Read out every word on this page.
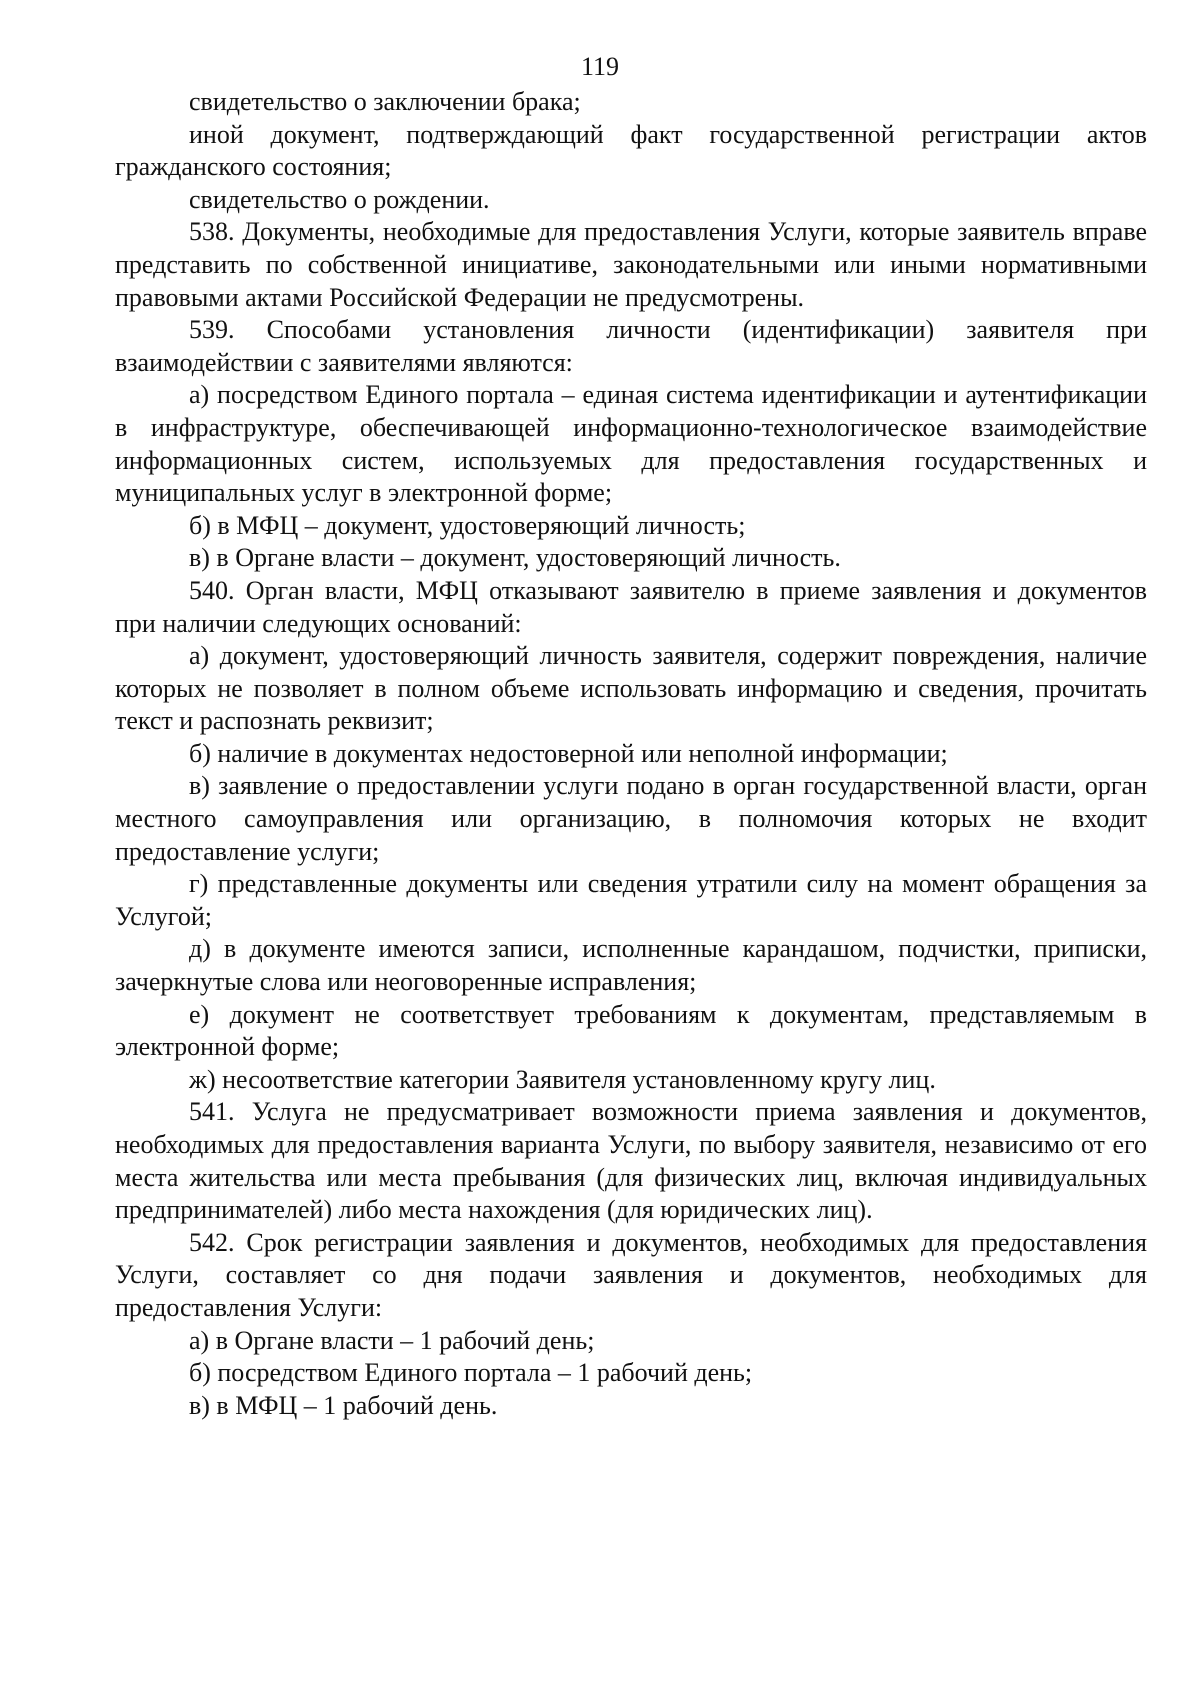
119

свидетельство о заключении брака;

иной документ, подтверждающий факт государственной регистрации актов гражданского состояния;

свидетельство о рождении.

538. Документы, необходимые для предоставления Услуги, которые заявитель вправе представить по собственной инициативе, законодательными или иными нормативными правовыми актами Российской Федерации не предусмотрены.

539. Способами установления личности (идентификации) заявителя при взаимодействии с заявителями являются:

а) посредством Единого портала – единая система идентификации и аутентификации в инфраструктуре, обеспечивающей информационно-технологическое взаимодействие информационных систем, используемых для предоставления государственных и муниципальных услуг в электронной форме;

б) в МФЦ – документ, удостоверяющий личность;

в) в Органе власти – документ, удостоверяющий личность.

540. Орган власти, МФЦ отказывают заявителю в приеме заявления и документов при наличии следующих оснований:

а) документ, удостоверяющий личность заявителя, содержит повреждения, наличие которых не позволяет в полном объеме использовать информацию и сведения, прочитать текст и распознать реквизит;

б) наличие в документах недостоверной или неполной информации;

в) заявление о предоставлении услуги подано в орган государственной власти, орган местного самоуправления или организацию, в полномочия которых не входит предоставление услуги;

г) представленные документы или сведения утратили силу на момент обращения за Услугой;

д) в документе имеются записи, исполненные карандашом, подчистки, приписки, зачеркнутые слова или неоговоренные исправления;

е) документ не соответствует требованиям к документам, представляемым в электронной форме;

ж) несоответствие категории Заявителя установленному кругу лиц.

541. Услуга не предусматривает возможности приема заявления и документов, необходимых для предоставления варианта Услуги, по выбору заявителя, независимо от его места жительства или места пребывания (для физических лиц, включая индивидуальных предпринимателей) либо места нахождения (для юридических лиц).

542. Срок регистрации заявления и документов, необходимых для предоставления Услуги, составляет со дня подачи заявления и документов, необходимых для предоставления Услуги:

а) в Органе власти – 1 рабочий день;

б) посредством Единого портала – 1 рабочий день;

в) в МФЦ – 1 рабочий день.
